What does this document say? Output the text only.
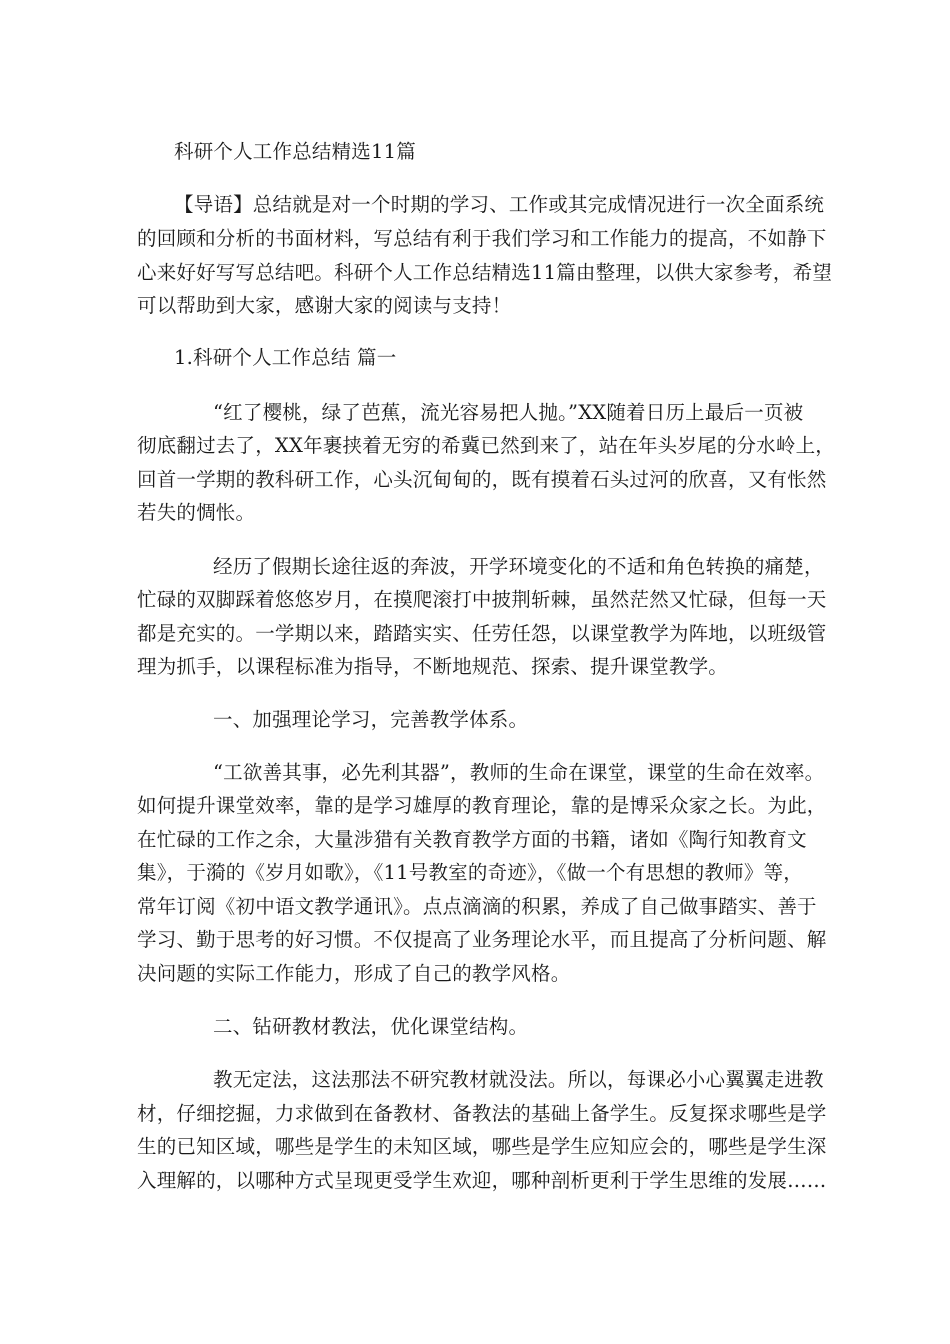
科研个人工作总结精选11篇
【导语】总结就是对一个时期的学习、工作或其完成情况进行一次全面系统
的回顾和分析的书面材料，写总结有利于我们学习和工作能力的提高，不如静下
心来好好写写总结吧。科研个人工作总结精选11篇由整理，以供大家参考，希望
可以帮助到大家，感谢大家的阅读与支持！
1.科研个人工作总结 篇一
“红了樱桃，绿了芭蕉，流光容易把人抛。”XX随着日历上最后一页被
彻底翻过去了，XX年裹挟着无穷的希冀已然到来了，站在年头岁尾的分水岭上，
回首一学期的教科研工作，心头沉甸甸的，既有摸着石头过河的欣喜，又有怅然
若失的惆怅。
经历了假期长途往返的奔波，开学环境变化的不适和角色转换的痛楚，
忙碌的双脚踩着悠悠岁月，在摸爬滚打中披荆斩棘，虽然茫然又忙碌，但每一天
都是充实的。一学期以来，踏踏实实、任劳任怨，以课堂教学为阵地，以班级管
理为抓手，以课程标准为指导，不断地规范、探索、提升课堂教学。
一、加强理论学习，完善教学体系。
“工欲善其事，必先利其器”，教师的生命在课堂，课堂的生命在效率。
如何提升课堂效率，靠的是学习雄厚的教育理论，靠的是博采众家之长。为此，
在忙碌的工作之余，大量涉猎有关教育教学方面的书籍，诸如《陶行知教育文
集》，于漪的《岁月如歌》，《11号教室的奇迹》，《做一个有思想的教师》等，
常年订阅《初中语文教学通讯》。点点滴滴的积累，养成了自己做事踏实、善于
学习、勤于思考的好习惯。不仅提高了业务理论水平，而且提高了分析问题、解
决问题的实际工作能力，形成了自己的教学风格。
二、钻研教材教法，优化课堂结构。
教无定法，这法那法不研究教材就没法。所以，每课必小心翼翼走进教
材，仔细挖掘，力求做到在备教材、备教法的基础上备学生。反复探求哪些是学
生的已知区域，哪些是学生的未知区域，哪些是学生应知应会的，哪些是学生深
入理解的，以哪种方式呈现更受学生欢迎，哪种剖析更利于学生思维的发展……
